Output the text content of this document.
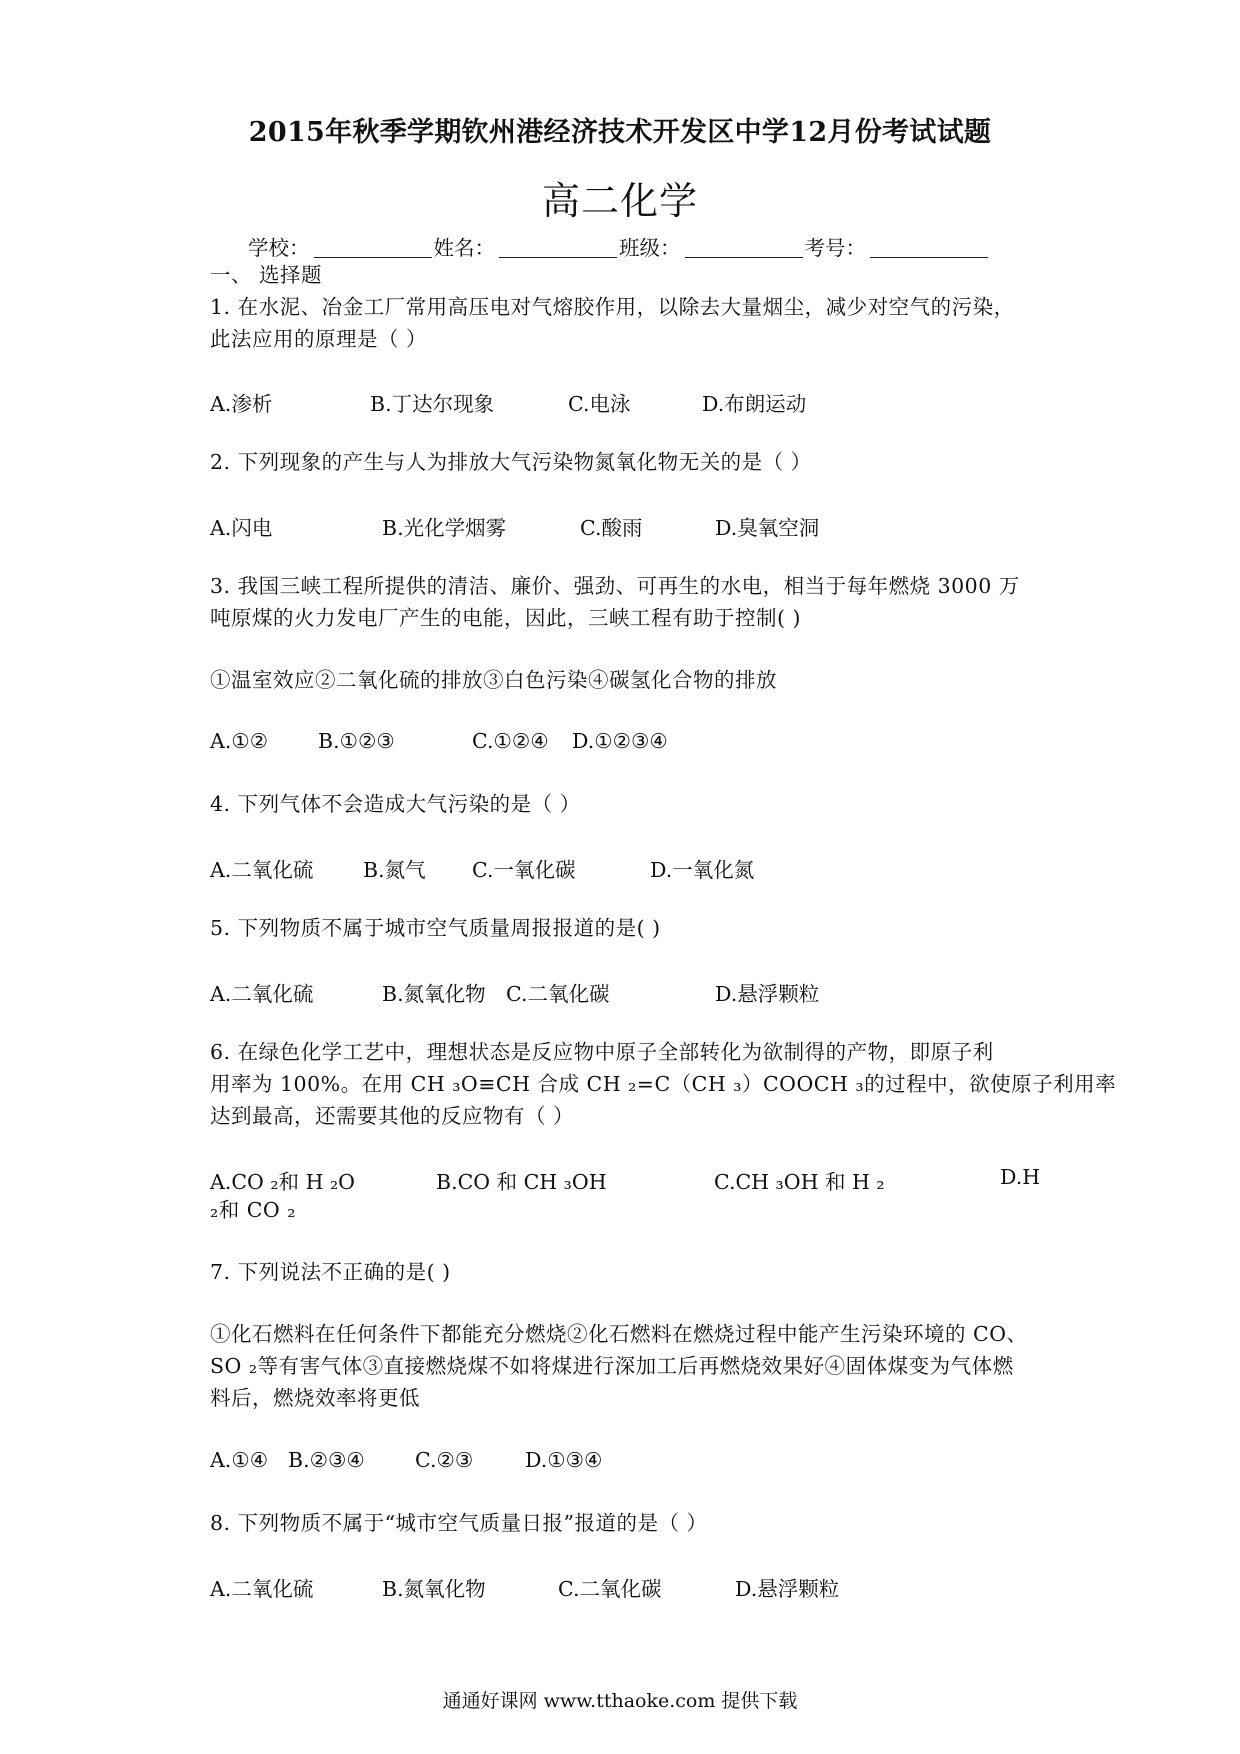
2015年秋季学期钦州港经济技术开发区中学12月份考试试题
高二化学
学校：	姓名：	班级：	考号：
一、 选择题
1. 在水泥、冶金工厂常用高压电对气熔胶作用，以除去大量烟尘，减少对空气的污染，
此法应用的原理是（ ）
A.渗析	B.丁达尔现象	C.电泳	D.布朗运动
2. 下列现象的产生与人为排放大气污染物氮氧化物无关的是（ ）
A.闪电	B.光化学烟雾	C.酸雨	D.臭氧空洞
3. 我国三峡工程所提供的清洁、廉价、强劲、可再生的水电，相当于每年燃烧 3000 万
吨原煤的火力发电厂产生的电能，因此，三峡工程有助于控制( )
①温室效应②二氧化硫的排放③白色污染④碳氢化合物的排放
A.①② B.①②③	C.①②④ D.①②③④
4. 下列气体不会造成大气污染的是（ ）
A.二氧化硫 B.氮气 C.一氧化碳	D.一氧化氮
5. 下列物质不属于城市空气质量周报报道的是( )
A.二氧化硫	B.氮氧化物 C.二氧化碳	D.悬浮颗粒
6. 在绿色化学工艺中，理想状态是反应物中原子全部转化为欲制得的产物，即原子利
用率为 100%。在用 CH ₃O≡CH 合成 CH ₂=C（CH ₃）COOCH ₃的过程中，欲使原子利用率
达到最高，还需要其他的反应物有（ ）
A.CO ₂和 H ₂O	B.CO 和 CH ₃OH	C.CH ₃OH 和 H ₂	D.H
₂和 CO ₂
7. 下列说法不正确的是( )
①化石燃料在任何条件下都能充分燃烧②化石燃料在燃烧过程中能产生污染环境的 CO、
SO ₂等有害气体③直接燃烧煤不如将煤进行深加工后再燃烧效果好④固体煤变为气体燃
料后，燃烧效率将更低
A.①④ B.②③④ C.②③	D.①③④
8. 下列物质不属于“城市空气质量日报”报道的是（ ）
A.二氧化硫	B.氮氧化物	C.二氧化碳	D.悬浮颗粒
通通好课网 www.tthaoke.com 提供下载
